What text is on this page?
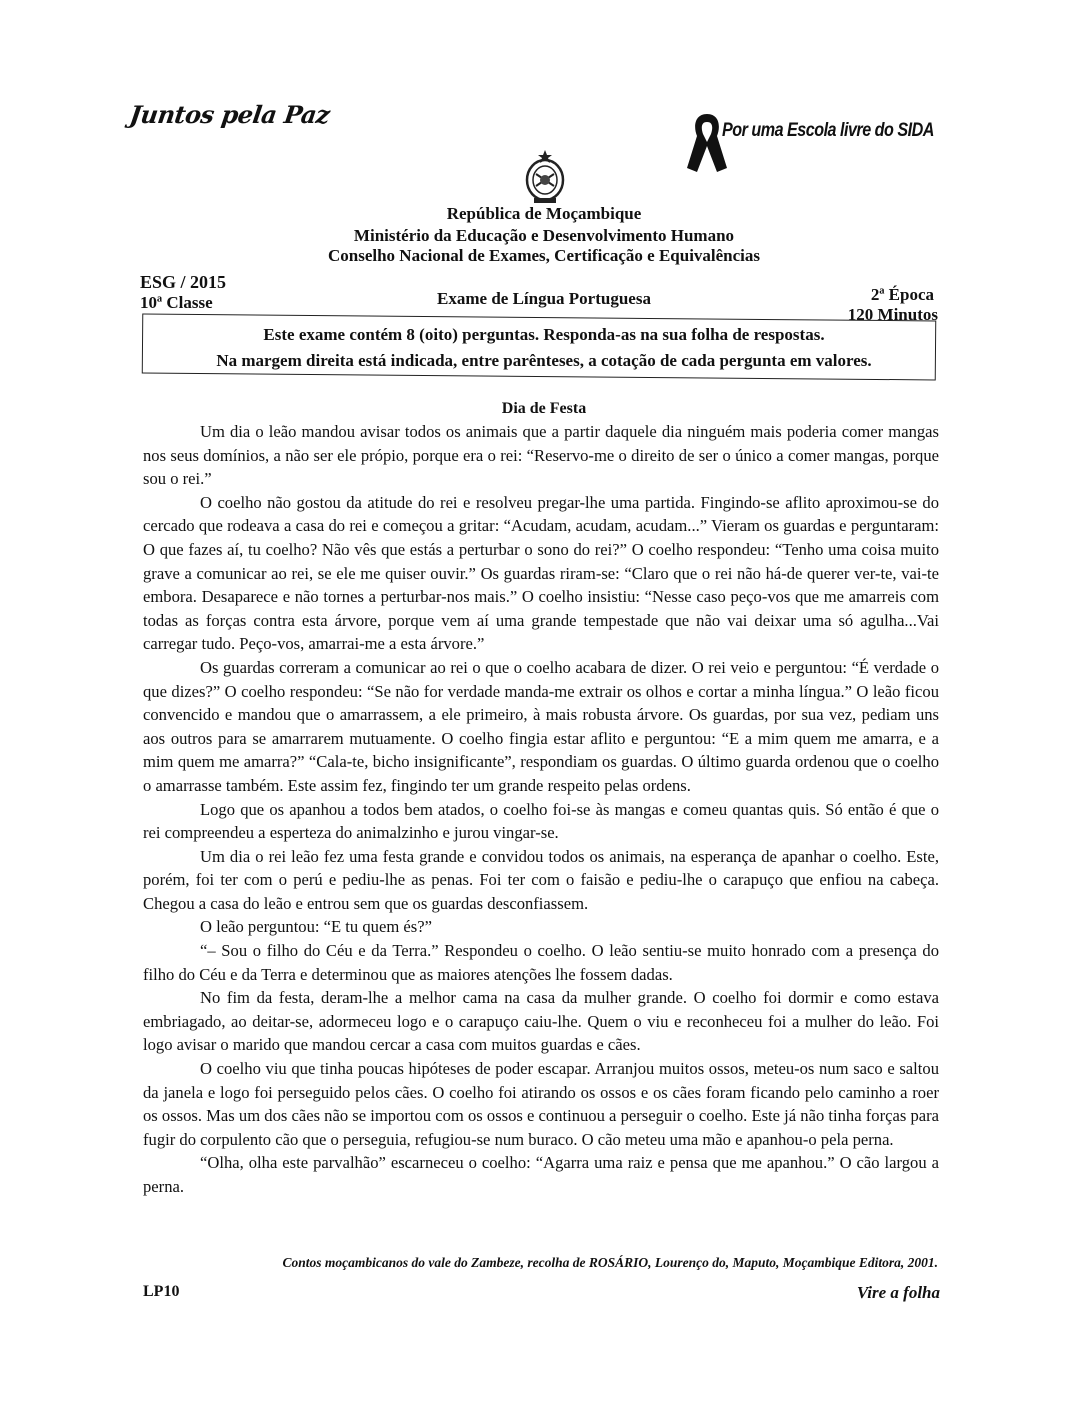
Juntos pela Paz
Por uma Escola livre do SIDA
República de Moçambique
Ministério da Educação e Desenvolvimento Humano
Conselho Nacional de Exames, Certificação e Equivalências
ESG / 2015
10ª Classe	Exame de Língua Portuguesa	2ª Época
120 Minutos
Este exame contém 8 (oito) perguntas. Responda-as na sua folha de respostas.
Na margem direita está indicada, entre parênteses, a cotação de cada pergunta em valores.
Dia de Festa

Um dia o leão mandou avisar todos os animais que a partir daquele dia ninguém mais poderia comer mangas nos seus domínios, a não ser ele própio, porque era o rei: “Reservo-me o direito de ser o único a comer mangas, porque sou o rei.”

O coelho não gostou da atitude do rei e resolveu pregar-lhe uma partida. Fingindo-se aflito aproximou-se do cercado que rodeava a casa do rei e começou a gritar: “Acudam, acudam, acudam...” Vieram os guardas e perguntaram: O que fazes aí, tu coelho? Não vês que estás a perturbar o sono do rei?” O coelho respondeu: “Tenho uma coisa muito grave a comunicar ao rei, se ele me quiser ouvir.” Os guardas riram-se: “Claro que o rei não há-de querer ver-te, vai-te embora. Desaparece e não tornes a perturbar-nos mais.” O coelho insistiu: “Nesse caso peço-vos que me amarreis com todas as forças contra esta árvore, porque vem aí uma grande tempestade que não vai deixar uma só agulha...Vai carregar tudo. Peço-vos, amarrai-me a esta árvore.”

Os guardas correram a comunicar ao rei o que o coelho acabara de dizer. O rei veio e perguntou: “É verdade o que dizes?” O coelho respondeu: “Se não for verdade manda-me extrair os olhos e cortar a minha língua.” O leão ficou convencido e mandou que o amarrassem, a ele primeiro, à mais robusta árvore. Os guardas, por sua vez, pediam uns aos outros para se amarrarem mutuamente. O coelho fingia estar aflito e perguntou: “E a mim quem me amarra, e a mim quem me amarra?” “Cala-te, bicho insignificante”, respondiam os guardas. O último guarda ordenou que o coelho o amarrasse também. Este assim fez, fingindo ter um grande respeito pelas ordens.

Logo que os apanhou a todos bem atados, o coelho foi-se às mangas e comeu quantas quis. Só então é que o rei compreendeu a esperteza do animalzinho e jurou vingar-se.

Um dia o rei leão fez uma festa grande e convidou todos os animais, na esperança de apanhar o coelho. Este, porém, foi ter com o perú e pediu-lhe as penas. Foi ter com o faisão e pediu-lhe o carapuço que enfiou na cabeça. Chegou a casa do leão e entrou sem que os guardas desconfiassem.

O leão perguntou: “E tu quem és?”

“– Sou o filho do Céu e da Terra.” Respondeu o coelho. O leão sentiu-se muito honrado com a presença do filho do Céu e da Terra e determinou que as maiores atenções lhe fossem dadas.

No fim da festa, deram-lhe a melhor cama na casa da mulher grande. O coelho foi dormir e como estava embriagado, ao deitar-se, adormeceu logo e o carapuço caiu-lhe. Quem o viu e reconheceu foi a mulher do leão. Foi logo avisar o marido que mandou cercar a casa com muitos guardas e cães.

O coelho viu que tinha poucas hipóteses de poder escapar. Arranjou muitos ossos, meteu-os num saco e saltou da janela e logo foi perseguido pelos cães. O coelho foi atirando os ossos e os cães foram ficando pelo caminho a roer os ossos. Mas um dos cães não se importou com os ossos e continuou a perseguir o coelho. Este já não tinha forças para fugir do corpulento cão que o perseguia, refugiou-se num buraco. O cão meteu uma mão e apanhou-o pela perna.

“Olha, olha este parvalhão” escarneceu o coelho: “Agarra uma raiz e pensa que me apanhou.” O cão largou a perna.

Contos moçambicanos do vale do Zambeze, recolha de ROSÁRIO, Lourenço do, Maputo, Moçambique Editora, 2001.
LP10	Vire a folha
